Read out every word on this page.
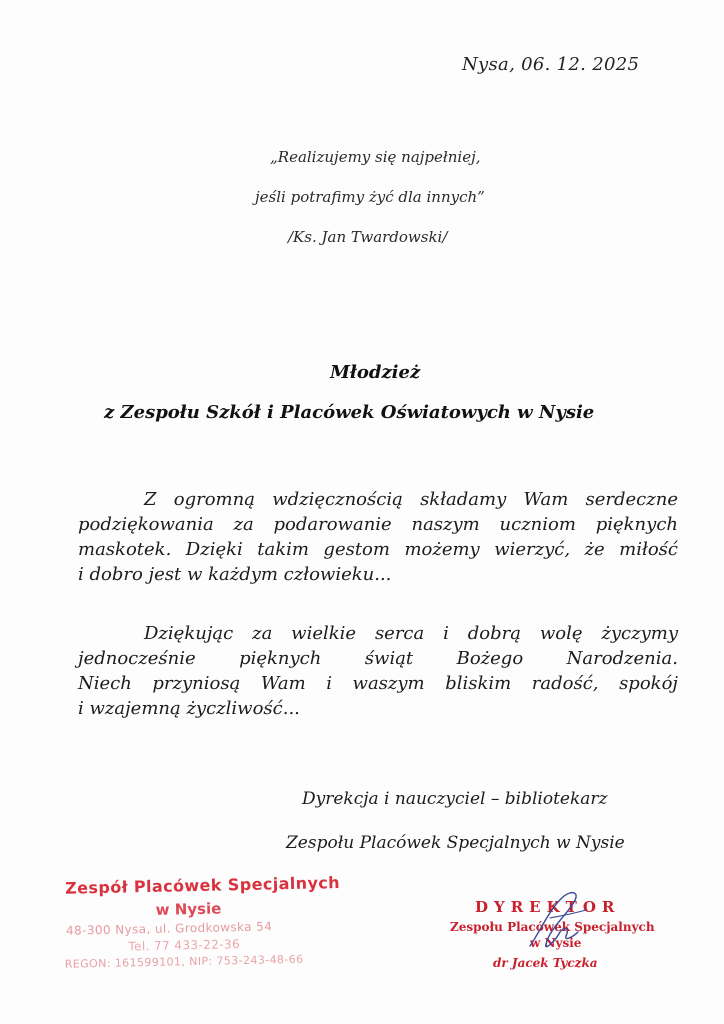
Nysa, 06. 12. 2025
„Realizujemy się najpełniej,
jeśli potrafimy żyć dla innych”
/Ks. Jan Twardowski/
Młodzież
z Zespołu Szkół i Placówek Oświatowych w Nysie
Z ogromną wdzięcznością składamy Wam serdeczne
podziękowania za podarowanie naszym uczniom pięknych
maskotek. Dzięki takim gestom możemy wierzyć, że miłość
i dobro jest w każdym człowieku...
Dziękując za wielkie serca i dobrą wolę życzymy
jednocześnie pięknych świąt Bożego Narodzenia.
Niech przyniosą Wam i waszym bliskim radość, spokój
i wzajemną życzliwość...
Dyrekcja i nauczyciel – bibliotekarz
Zespołu Placówek Specjalnych w Nysie
Zespół Placówek Specjalnych
w Nysie
48-300 Nysa, ul. Grodkowska 54
Tel. 77 433-22-36
REGON: 161599101, NIP: 753-243-48-66
DYREKTOR
Zespołu Placówek Specjalnych
w Nysie
dr Jacek Tyczka
